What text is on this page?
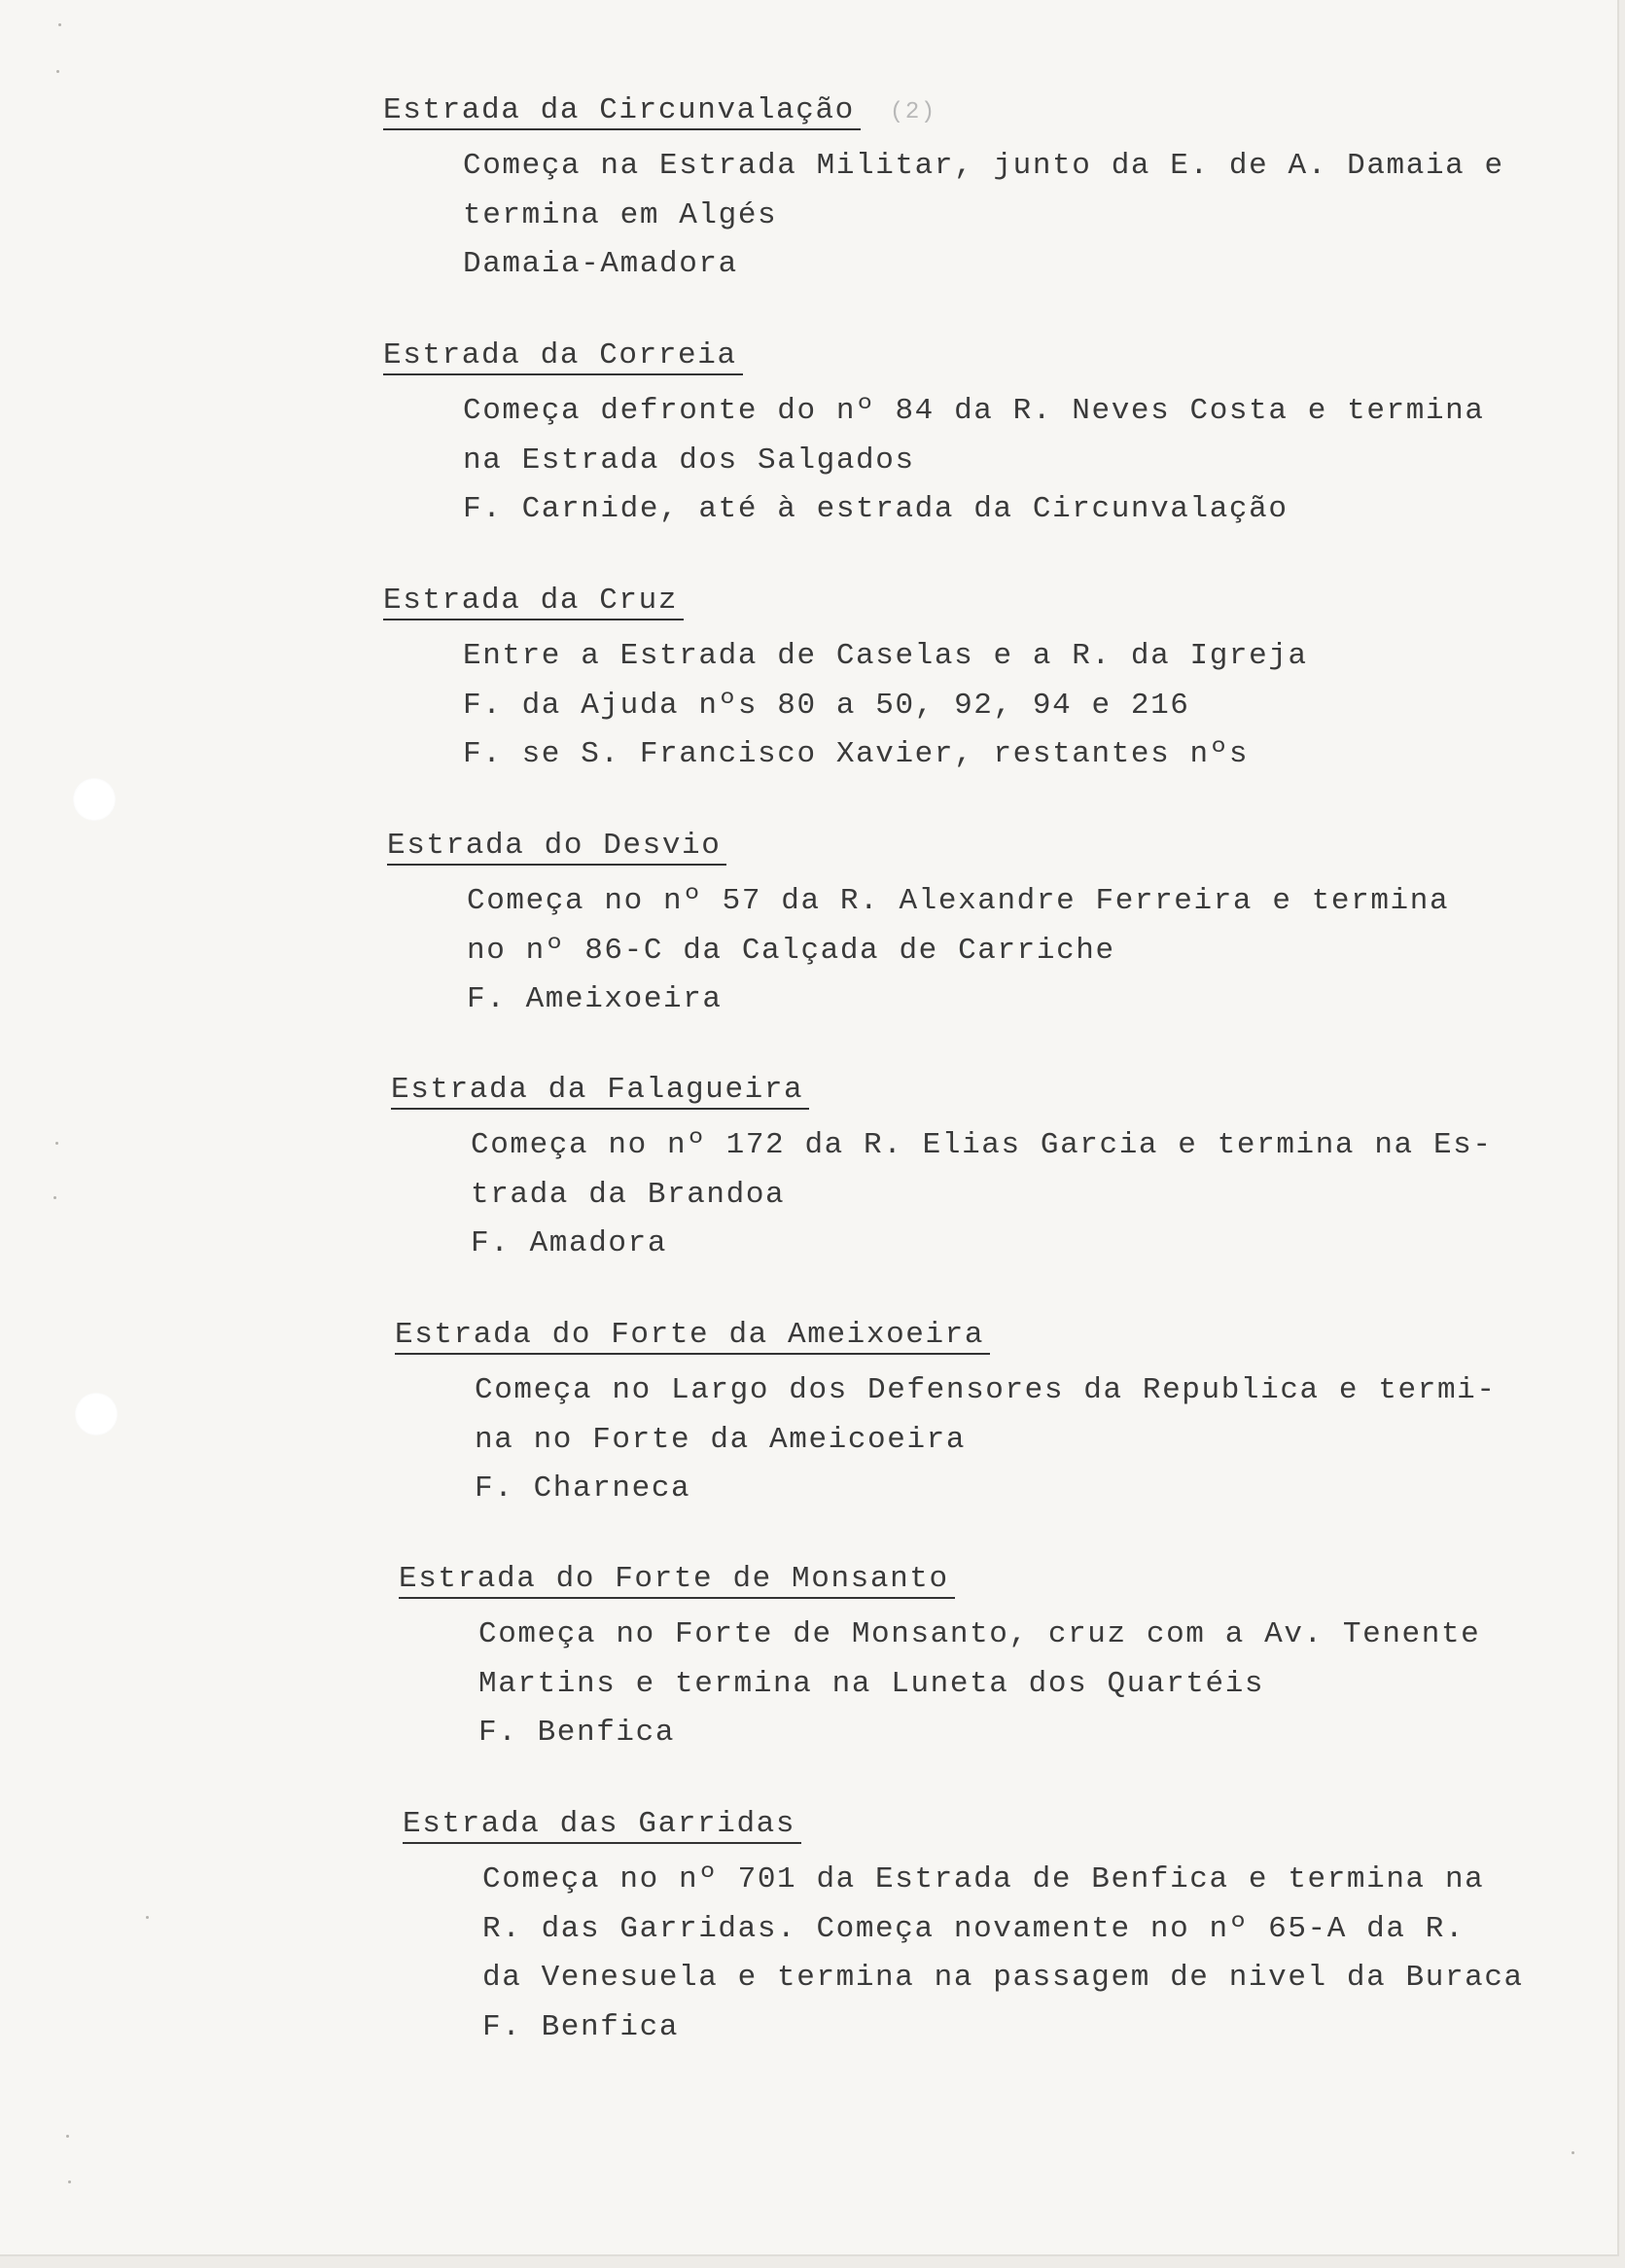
Estrada da Circunvalação (2)
Começa na Estrada Militar, junto da E. de A. Damaia e
termina em Algés
Damaia-Amadora
Estrada da Correia
Começa defronte do nº 84 da R. Neves Costa e termina
na Estrada dos Salgados
F. Carnide, até à estrada da Circunvalação
Estrada da Cruz
Entre a Estrada de Caselas e a R. da Igreja
F. da Ajuda nºs 80 a 50, 92, 94 e 216
F. se S. Francisco Xavier, restantes nºs
Estrada do Desvio
Começa no nº 57 da R. Alexandre Ferreira e termina
no nº 86-C da Calçada de Carriche
F. Ameixoeira
Estrada da Falagueira
Começa no nº 172 da R. Elias Garcia e termina na Es-
trada da Brandoa
F. Amadora
Estrada do Forte da Ameixoeira
Começa no Largo dos Defensores da Republica e termi-
na no Forte da Ameicoeira
F. Charneca
Estrada do Forte de Monsanto
Começa no Forte de Monsanto, cruz com a Av. Tenente
Martins e termina na Luneta dos Quartéis
F. Benfica
Estrada das Garridas
Começa no nº 701 da Estrada de Benfica e termina na
R. das Garridas. Começa novamente no nº 65-A da R.
da Venesuela e termina na passagem de nivel da Buraca
F. Benfica
